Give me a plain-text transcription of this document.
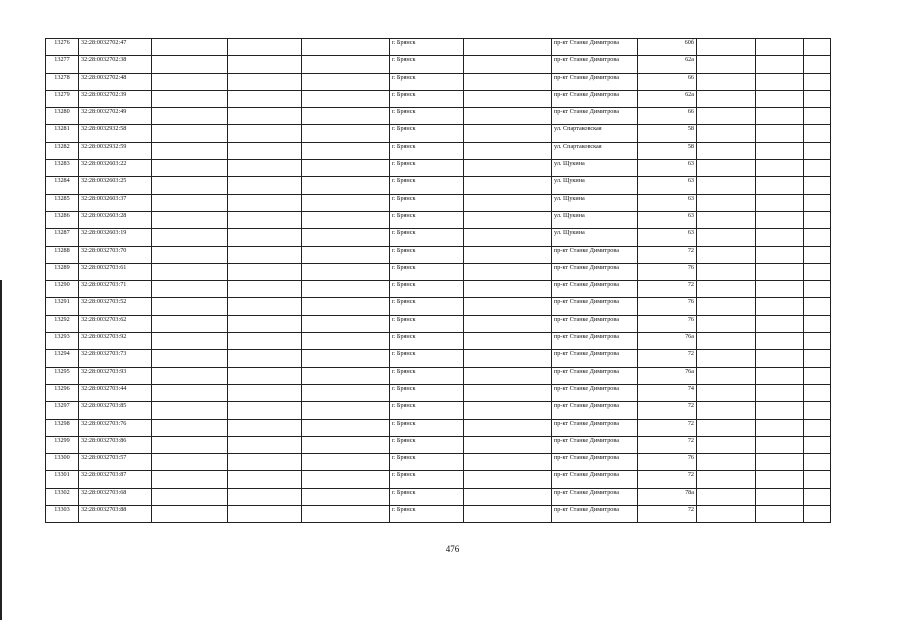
13276	32:28:0032702:47				г. Брянск		пр-кт Станке Димитрова	60б			
13277	32:28:0032702:38				г. Брянск		пр-кт Станке Димитрова	62а			
13278	32:28:0032702:48				г. Брянск		пр-кт Станке Димитрова	66			
13279	32:28:0032702:39				г. Брянск		пр-кт Станке Димитрова	62а			
13280	32:28:0032702:49				г. Брянск		пр-кт Станке Димитрова	66			
13281	32:28:0032932:58				г. Брянск		ул. Спартаковская	58			
13282	32:28:0032932:59				г. Брянск		ул. Спартаковская	58			
13283	32:28:0032603:22				г. Брянск		ул. Щукина	63			
13284	32:28:0032603:25				г. Брянск		ул. Щукина	63			
13285	32:28:0032603:37				г. Брянск		ул. Щукина	63			
13286	32:28:0032603:28				г. Брянск		ул. Щукина	63			
13287	32:28:0032603:19				г. Брянск		ул. Щукина	63			
13288	32:28:0032703:70				г. Брянск		пр-кт Станке Димитрова	72			
13289	32:28:0032703:61				г. Брянск		пр-кт Станке Димитрова	76			
13290	32:28:0032703:71				г. Брянск		пр-кт Станке Димитрова	72			
13291	32:28:0032703:52				г. Брянск		пр-кт Станке Димитрова	76			
13292	32:28:0032703:62				г. Брянск		пр-кт Станке Димитрова	76			
13293	32:28:0032703:92				г. Брянск		пр-кт Станке Димитрова	76а			
13294	32:28:0032703:73				г. Брянск		пр-кт Станке Димитрова	72			
13295	32:28:0032703:93				г. Брянск		пр-кт Станке Димитрова	76а			
13296	32:28:0032703:44				г. Брянск		пр-кт Станке Димитрова	74			
13297	32:28:0032703:85				г. Брянск		пр-кт Станке Димитрова	72			
13298	32:28:0032703:76				г. Брянск		пр-кт Станке Димитрова	72			
13299	32:28:0032703:86				г. Брянск		пр-кт Станке Димитрова	72			
13300	32:28:0032703:57				г. Брянск		пр-кт Станке Димитрова	76			
13301	32:28:0032703:87				г. Брянск		пр-кт Станке Димитрова	72			
13302	32:28:0032703:68				г. Брянск		пр-кт Станке Димитрова	78а			
13303	32:28:0032703:88				г. Брянск		пр-кт Станке Димитрова	72			
476
